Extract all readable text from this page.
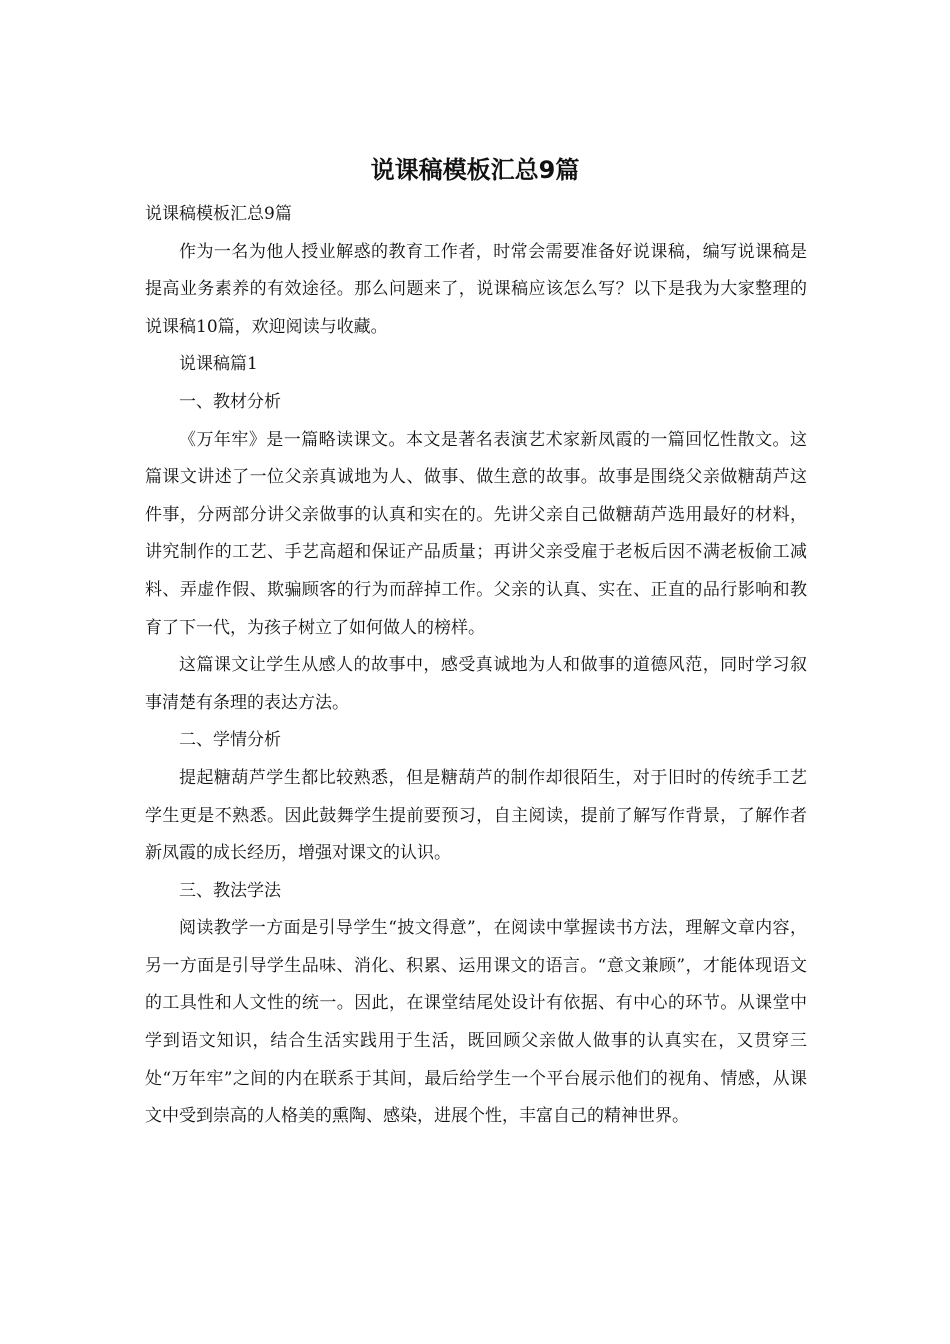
说课稿模板汇总9篇

说课稿模板汇总9篇

作为一名为他人授业解惑的教育工作者，时常会需要准备好说课稿，编写说课稿是提高业务素养的有效途径。那么问题来了，说课稿应该怎么写？以下是我为大家整理的说课稿10篇，欢迎阅读与收藏。

说课稿篇1

一、教材分析

《万年牢》是一篇略读课文。本文是著名表演艺术家新凤霞的一篇回忆性散文。这篇课文讲述了一位父亲真诚地为人、做事、做生意的故事。故事是围绕父亲做糖葫芦这件事，分两部分讲父亲做事的认真和实在的。先讲父亲自己做糖葫芦选用最好的材料，讲究制作的工艺、手艺高超和保证产品质量；再讲父亲受雇于老板后因不满老板偷工减料、弄虚作假、欺骗顾客的行为而辞掉工作。父亲的认真、实在、正直的品行影响和教育了下一代，为孩子树立了如何做人的榜样。

这篇课文让学生从感人的故事中，感受真诚地为人和做事的道德风范，同时学习叙事清楚有条理的表达方法。

二、学情分析

提起糖葫芦学生都比较熟悉，但是糖葫芦的制作却很陌生，对于旧时的传统手工艺学生更是不熟悉。因此鼓舞学生提前要预习，自主阅读，提前了解写作背景，了解作者新凤霞的成长经历，增强对课文的认识。

三、教法学法

阅读教学一方面是引导学生“披文得意”，在阅读中掌握读书方法，理解文章内容，另一方面是引导学生品味、消化、积累、运用课文的语言。“意文兼顾”，才能体现语文的工具性和人文性的统一。因此，在课堂结尾处设计有依据、有中心的环节。从课堂中学到语文知识，结合生活实践用于生活，既回顾父亲做人做事的认真实在，又贯穿三处“万年牢”之间的内在联系于其间，最后给学生一个平台展示他们的视角、情感，从课文中受到崇高的人格美的熏陶、感染，进展个性，丰富自己的精神世界。
